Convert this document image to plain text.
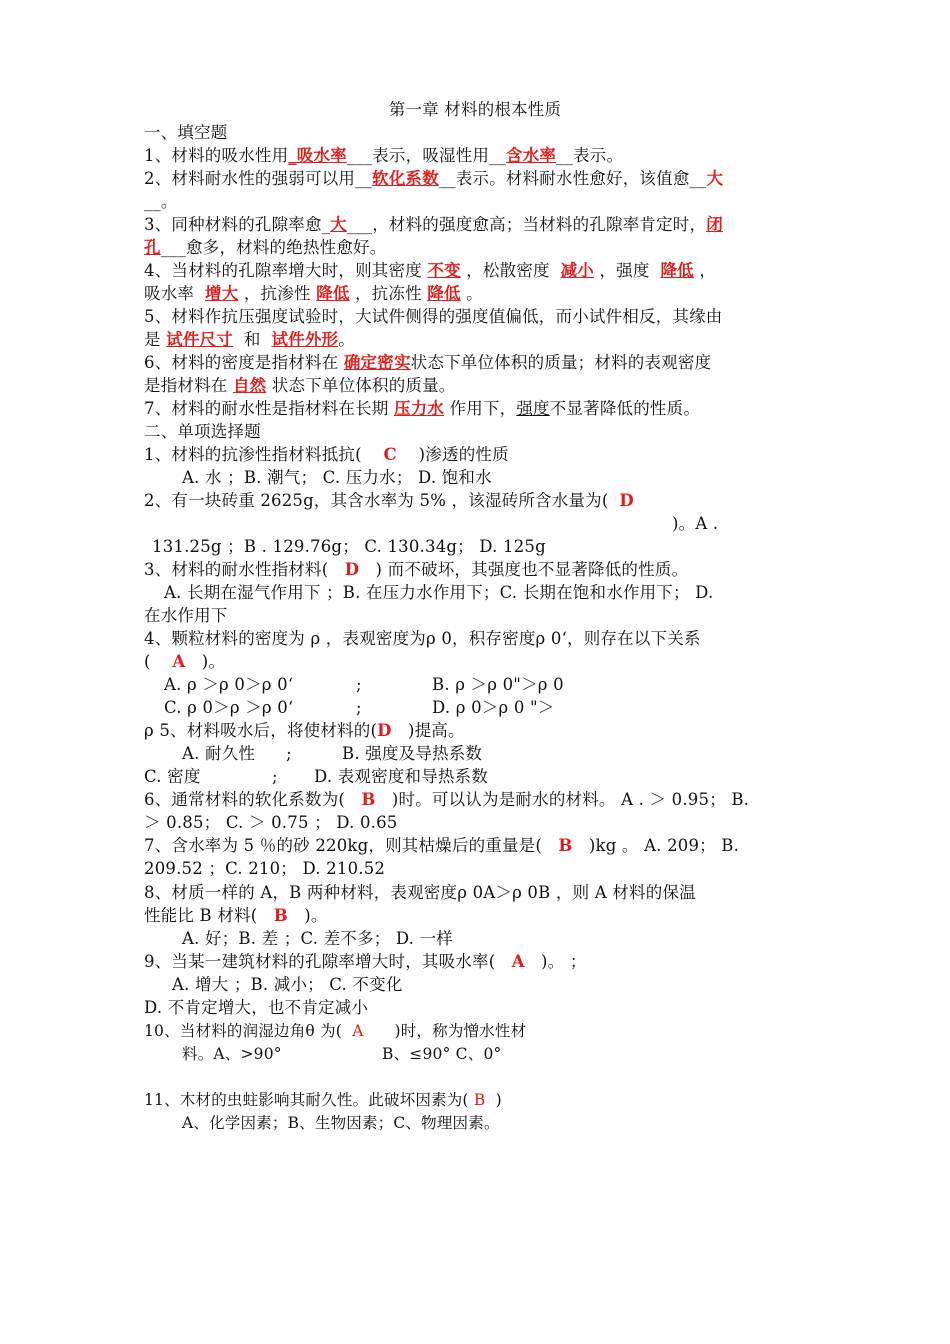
第一章 材料的根本性质
一、填空题
1、材料的吸水性用_吸水率___表示，吸湿性用__含水率__表示。
2、材料耐水性的强弱可以用__软化系数__表示。材料耐水性愈好，该值愈__大
__。
3、同种材料的孔隙率愈_大___，材料的强度愈高；当材料的孔隙率肯定时，闭
孔___愈多，材料的绝热性愈好。
4、当材料的孔隙率增大时，则其密度 不变 ，松散密度 减小 ，强度 降低 ，
吸水率 增大 ，抗渗性 降低 ，抗冻性 降低 。
5、材料作抗压强度试验时，大试件侧得的强度值偏低，而小试件相反，其缘由
是 试件尺寸 和 试件外形。
6、材料的密度是指材料在 确定密实状态下单位体积的质量；材料的表观密度
是指材料在 自然 状态下单位体积的质量。
7、材料的耐水性是指材料在长期 压力水 作用下，强度不显著降低的性质。
二、单项选择题
1、材料的抗渗性指材料抵抗( C )渗透的性质
A. 水 ；B. 潮气； C. 压力水； D. 饱和水
2、有一块砖重 2625g，其含水率为 5% ，该湿砖所含水量为( D
)。A .
131.25g ；B . 129.76g； C. 130.34g； D. 125g
3、材料的耐水性指材料( D ) 而不破坏，其强度也不显著降低的性质。
A. 长期在湿气作用下 ；B. 在压力水作用下；C. 长期在饱和水作用下； D.
在水作用下
4、颗粒材料的密度为 ρ ，表观密度为ρ 0，积存密度ρ 0‘，则存在以下关系
( A )。
A. ρ ＞ρ 0＞ρ 0‘	;	B. ρ ＞ρ 0"＞ρ 0
C. ρ 0＞ρ ＞ρ 0‘	;	D. ρ 0＞ρ 0 "＞
ρ 5、材料吸水后，将使材料的(D )提高。
A. 耐久性 ;	B. 强度及导热系数
C. 密度	; D. 表观密度和导热系数
6、通常材料的软化系数为( B )时。可以认为是耐水的材料。 A . ＞ 0.95； B.
＞ 0.85； C. ＞ 0.75 ； D. 0.65
7、含水率为 5 ％的砂 220kg，则其枯燥后的重量是( B )kg 。 A. 209； B.
209.52 ；C. 210； D. 210.52
8、材质一样的 A，B 两种材料，表观密度ρ 0A＞ρ 0B ，则 A 材料的保温
性能比 B 材料( B )。
A. 好；B. 差 ；C. 差不多； D. 一样
9、当某一建筑材料的孔隙率增大时，其吸水率( A )。 ；
A. 增大 ；B. 减小； C. 不变化
D. 不肯定增大，也不肯定减小
10、当材料的润湿边角θ 为( A )时，称为憎水性材
料。A、>90°	B、≤90° C、0°
11、木材的虫蛀影响其耐久性。此破坏因素为( B )
A、化学因素；B、生物因素；C、物理因素。
